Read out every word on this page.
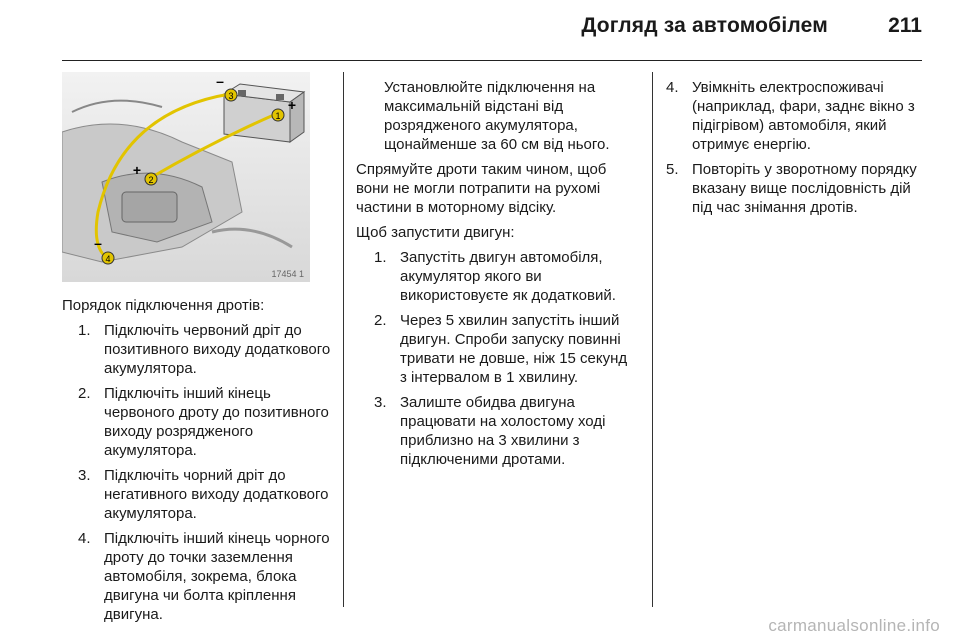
Догляд за автомобілем	211
1
+
2
+
3
–
4
–
17454 1

Порядок підключення дротів:

1. Підключіть червоний дріт до позитивного виходу додаткового акумулятора.
2. Підключіть інший кінець червоного дроту до позитивного виходу розрядженого акумулятора.
3. Підключіть чорний дріт до негативного виходу додаткового акумулятора.
4. Підключіть інший кінець чорного дроту до точки заземлення автомобіля, зокрема, блока двигуна чи болта кріплення двигуна.
Установлюйте підключення на максимальній відстані від розрядженого акумулятора, щонайменше за 60 см від нього.

Спрямуйте дроти таким чином, щоб вони не могли потрапити на рухомі частини в моторному відсіку.

Щоб запустити двигун:

1. Запустіть двигун автомобіля, акумулятор якого ви використовуєте як додатковий.
2. Через 5 хвилин запустіть інший двигун. Спроби запуску повинні тривати не довше, ніж 15 секунд з інтервалом в 1 хвилину.
3. Залиште обидва двигуна працювати на холостому ході приблизно на 3 хвилини з підключеними дротами.
4. Увімкніть електроспоживачі (наприклад, фари, заднє вікно з підігрівом) автомобіля, який отримує енергію.
5. Повторіть у зворотному порядку вказану вище послідовність дій під час знімання дротів.
carmanualsonline.info
